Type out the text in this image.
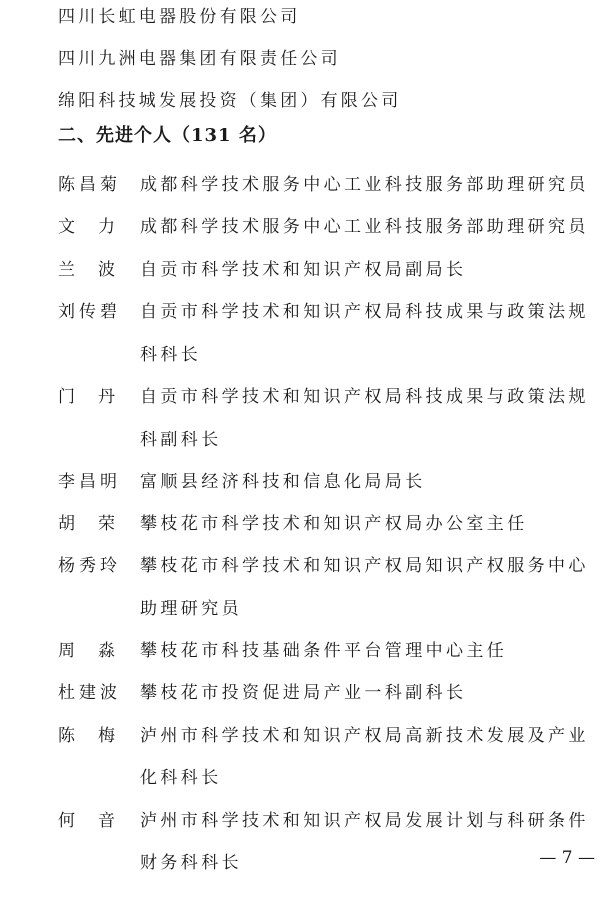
四川长虹电器股份有限公司
四川九洲电器集团有限责任公司
绵阳科技城发展投资（集团）有限公司
二、先进个人（131 名）
陈昌菊 成都科学技术服务中心工业科技服务部助理研究员
文力 成都科学技术服务中心工业科技服务部助理研究员
兰波 自贡市科学技术和知识产权局副局长
刘传碧 自贡市科学技术和知识产权局科技成果与政策法规
科科长
门丹 自贡市科学技术和知识产权局科技成果与政策法规
科副科长
李昌明 富顺县经济科技和信息化局局长
胡荣 攀枝花市科学技术和知识产权局办公室主任
杨秀玲 攀枝花市科学技术和知识产权局知识产权服务中心
助理研究员
周淼 攀枝花市科技基础条件平台管理中心主任
杜建波 攀枝花市投资促进局产业一科副科长
陈梅 泸州市科学技术和知识产权局高新技术发展及产业
化科科长
何音 泸州市科学技术和知识产权局发展计划与科研条件
财务科科长	— 7 —
